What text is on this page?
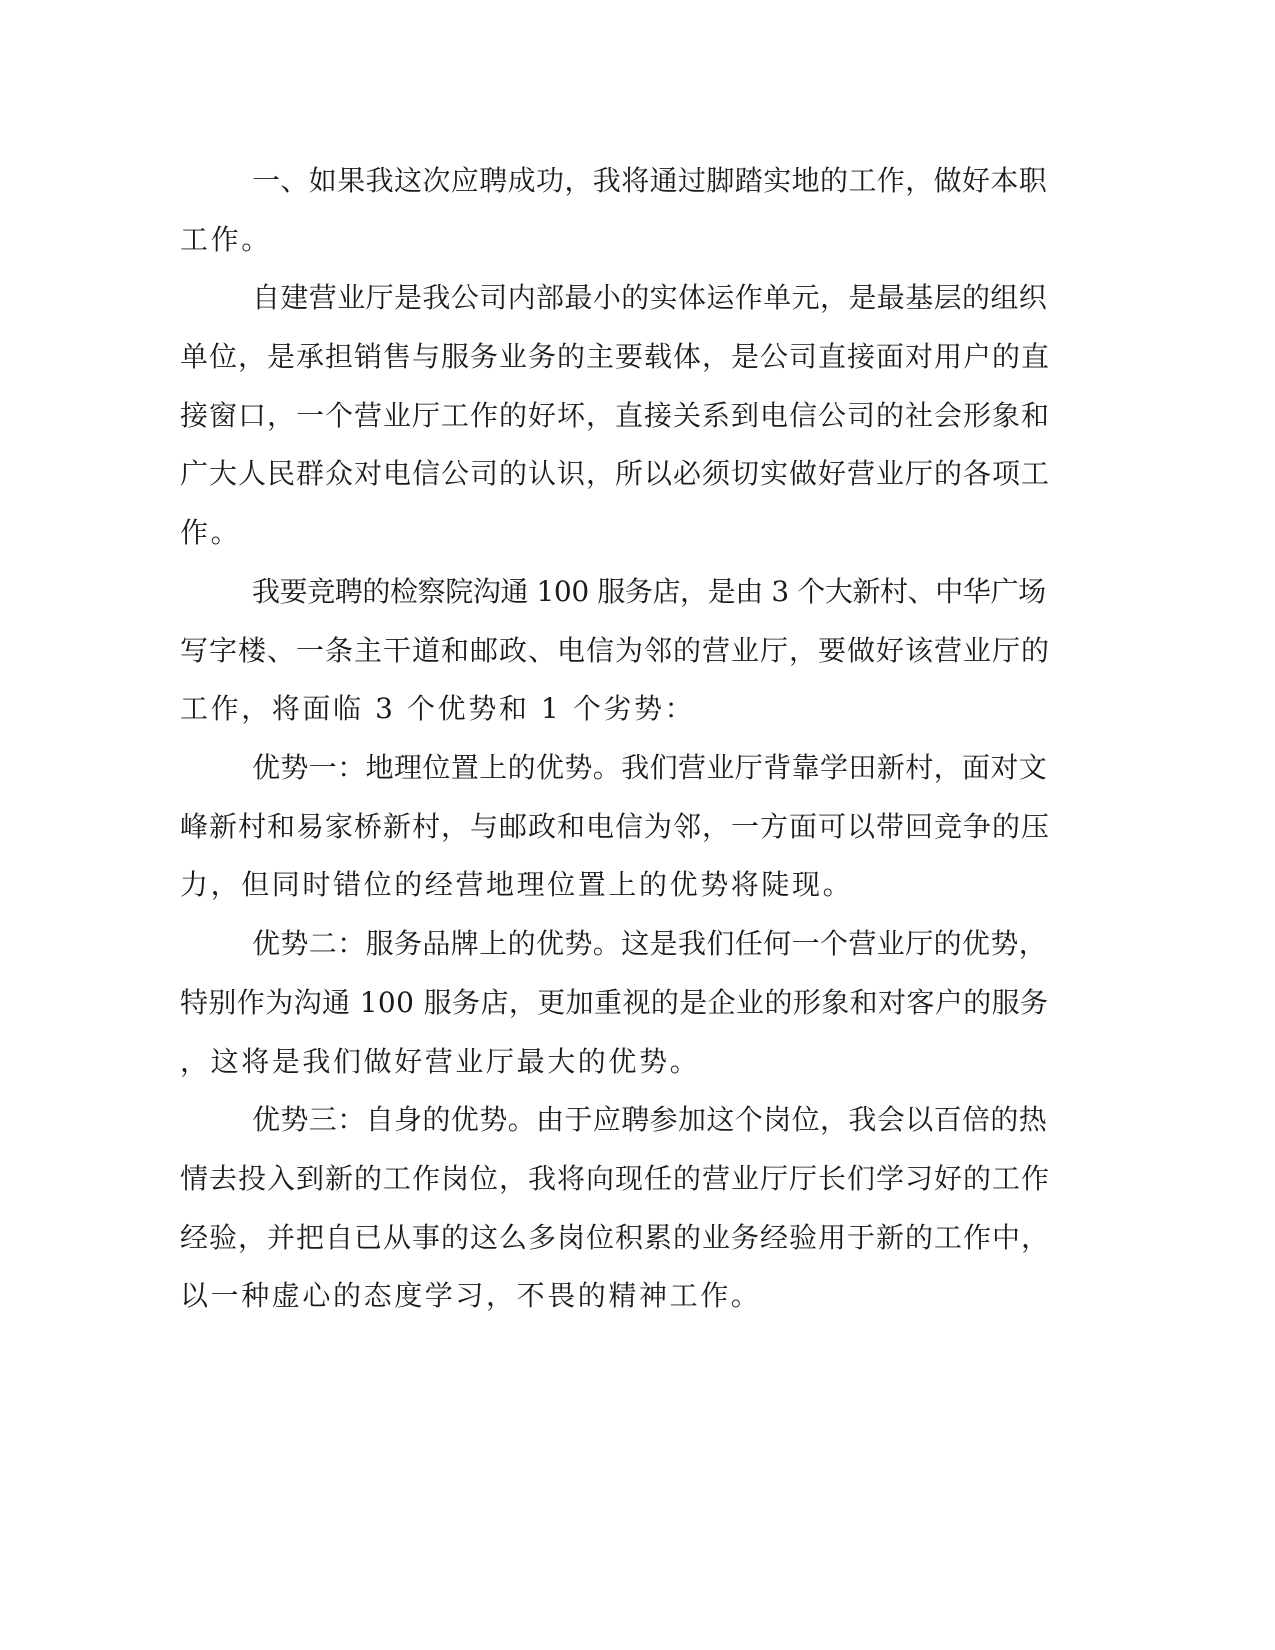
一、如果我这次应聘成功，我将通过脚踏实地的工作，做好本职
工作。
自建营业厅是我公司内部最小的实体运作单元，是最基层的组织
单位，是承担销售与服务业务的主要载体，是公司直接面对用户的直
接窗口，一个营业厅工作的好坏，直接关系到电信公司的社会形象和
广大人民群众对电信公司的认识，所以必须切实做好营业厅的各项工
作。
我要竞聘的检察院沟通 100 服务店，是由 3 个大新村、中华广场
写字楼、一条主干道和邮政、电信为邻的营业厅，要做好该营业厅的
工作，将面临 3 个优势和 1 个劣势：
优势一：地理位置上的优势。我们营业厅背靠学田新村，面对文
峰新村和易家桥新村，与邮政和电信为邻，一方面可以带回竞争的压
力，但同时错位的经营地理位置上的优势将陡现。
优势二：服务品牌上的优势。这是我们任何一个营业厅的优势，
特别作为沟通 100 服务店，更加重视的是企业的形象和对客户的服务
，这将是我们做好营业厅最大的优势。
优势三：自身的优势。由于应聘参加这个岗位，我会以百倍的热
情去投入到新的工作岗位，我将向现任的营业厅厅长们学习好的工作
经验，并把自已从事的这么多岗位积累的业务经验用于新的工作中，
以一种虚心的态度学习，不畏的精神工作。
